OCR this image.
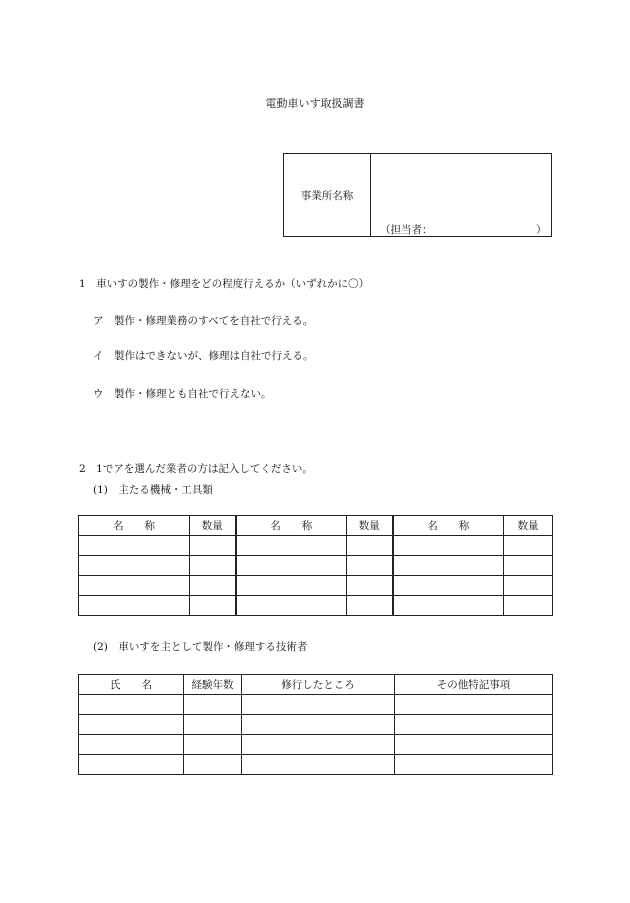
電動車いす取扱調書
事業所名称
（担当者：	）
1　車いすの製作・修理をどの程度行えるか（いずれかに〇）
ア　製作・修理業務のすべてを自社で行える。
イ　製作はできないが、修理は自社で行える。
ウ　製作・修理とも自社で行えない。
2　1でアを選んだ業者の方は記入してください。
(1)　主たる機械・工具類
名　　称	数量	名　　称	数量	名　　称	数量

(2)　車いすを主として製作・修理する技術者
氏　　名	経験年数	修行したところ	その他特記事項
